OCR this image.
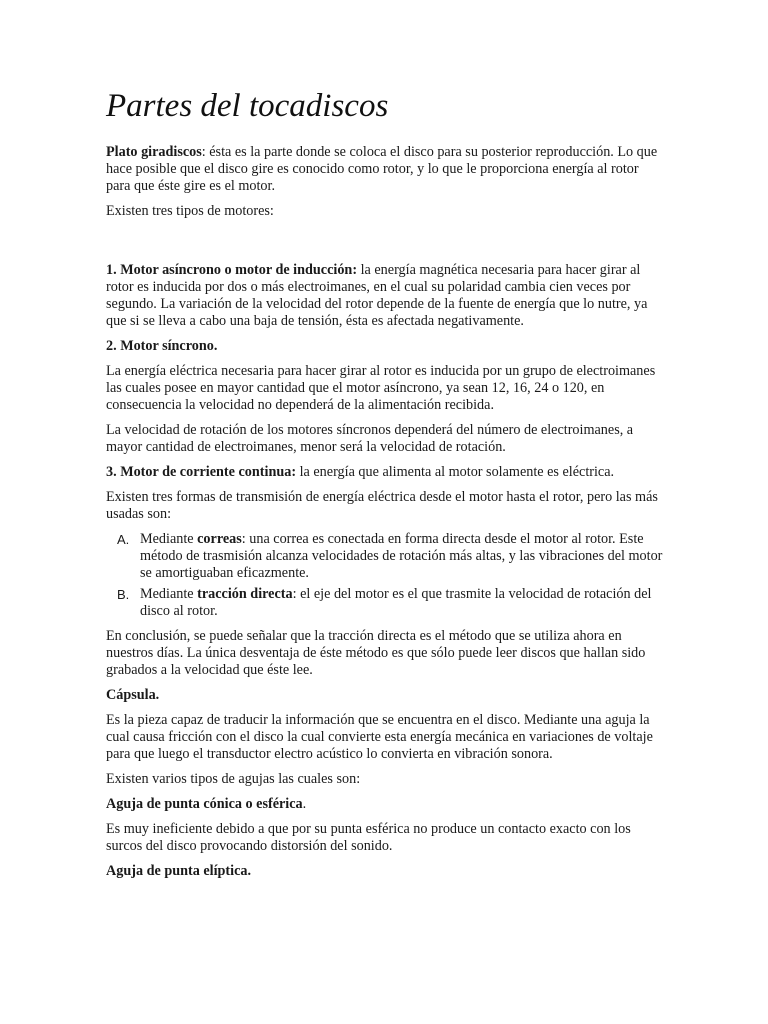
Partes del tocadiscos

Plato giradiscos: ésta es la parte donde se coloca el disco para su posterior reproducción. Lo que hace posible que el disco gire es conocido como rotor, y lo que le proporciona energía al rotor para que éste gire es el motor.

Existen tres tipos de motores:

1. Motor asíncrono o motor de inducción: la energía magnética necesaria para hacer girar al rotor es inducida por dos o más electroimanes, en el cual su polaridad cambia cien veces por segundo. La variación de la velocidad del rotor depende de la fuente de energía que lo nutre, ya que si se lleva a cabo una baja de tensión, ésta es afectada negativamente.

2. Motor síncrono.

La energía eléctrica necesaria para hacer girar al rotor es inducida por un grupo de electroimanes las cuales posee en mayor cantidad que el motor asíncrono, ya sean 12, 16, 24 o 120, en consecuencia la velocidad no dependerá de la alimentación recibida.

La velocidad de rotación de los motores síncronos dependerá del número de electroimanes, a mayor cantidad de electroimanes, menor será la velocidad de rotación.

3. Motor de corriente continua: la energía que alimenta al motor solamente es eléctrica.

Existen tres formas de transmisión de energía eléctrica desde el motor hasta el rotor, pero las más usadas son:

A. Mediante correas: una correa es conectada en forma directa desde el motor al rotor. Este método de trasmisión alcanza velocidades de rotación más altas, y las vibraciones del motor se amortiguaban eficazmente.
B. Mediante tracción directa: el eje del motor es el que trasmite la velocidad de rotación del disco al rotor.

En conclusión, se puede señalar que la tracción directa es el método que se utiliza ahora en nuestros días. La única desventaja de éste método es que sólo puede leer discos que hallan sido grabados a la velocidad que éste lee.

Cápsula.

Es la pieza capaz de traducir la información que se encuentra en el disco. Mediante una aguja la cual causa fricción con el disco la cual convierte esta energía mecánica en variaciones de voltaje para que luego el transductor electro acústico lo convierta en vibración sonora.

Existen varios tipos de agujas las cuales son:

Aguja de punta cónica o esférica.

Es muy ineficiente debido a que por su punta esférica no produce un contacto exacto con los surcos del disco provocando distorsión del sonido.

Aguja de punta elíptica.
